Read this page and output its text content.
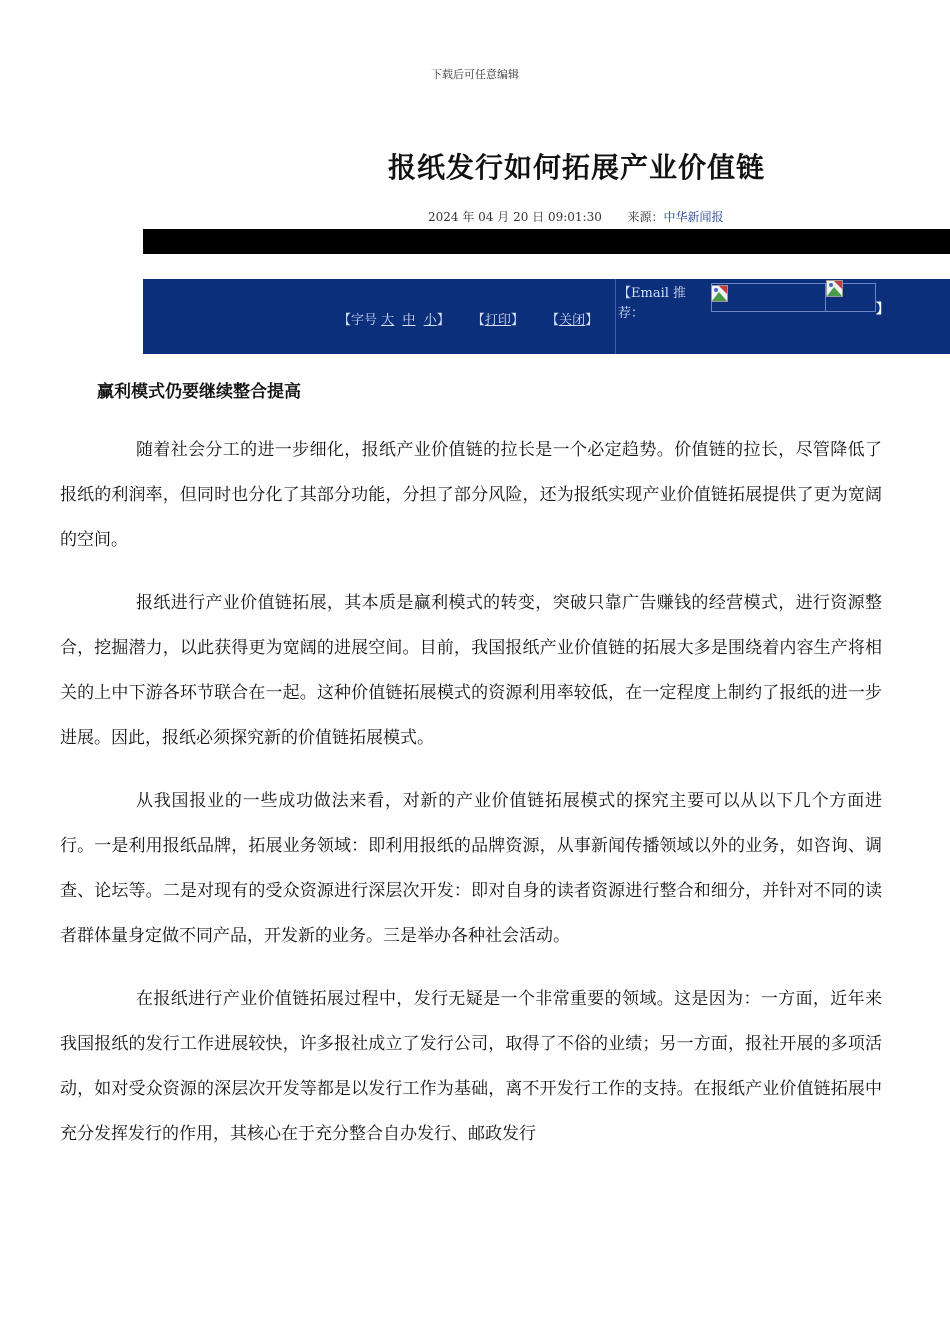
下载后可任意编辑
报纸发行如何拓展产业价值链
2024 年 04 月 20 日 09:01:30 来源：中华新闻报
【字号 大 中 小】 【打印】 【关闭】
【Email 推荐：	】
赢利模式仍要继续整合提高

随着社会分工的进一步细化，报纸产业价值链的拉长是一个必定趋势。价值链的拉长，尽管降低了报纸的利润率，但同时也分化了其部分功能，分担了部分风险，还为报纸实现产业价值链拓展提供了更为宽阔的空间。

报纸进行产业价值链拓展，其本质是赢利模式的转变，突破只靠广告赚钱的经营模式，进行资源整合，挖掘潜力，以此获得更为宽阔的进展空间。目前，我国报纸产业价值链的拓展大多是围绕着内容生产将相关的上中下游各环节联合在一起。这种价值链拓展模式的资源利用率较低，在一定程度上制约了报纸的进一步进展。因此，报纸必须探究新的价值链拓展模式。

从我国报业的一些成功做法来看，对新的产业价值链拓展模式的探究主要可以从以下几个方面进行。一是利用报纸品牌，拓展业务领域：即利用报纸的品牌资源，从事新闻传播领域以外的业务，如咨询、调查、论坛等。二是对现有的受众资源进行深层次开发：即对自身的读者资源进行整合和细分，并针对不同的读者群体量身定做不同产品，开发新的业务。三是举办各种社会活动。

在报纸进行产业价值链拓展过程中，发行无疑是一个非常重要的领域。这是因为：一方面，近年来我国报纸的发行工作进展较快，许多报社成立了发行公司，取得了不俗的业绩；另一方面，报社开展的多项活动，如对受众资源的深层次开发等都是以发行工作为基础，离不开发行工作的支持。在报纸产业价值链拓展中充分发挥发行的作用，其核心在于充分整合自办发行、邮政发行
